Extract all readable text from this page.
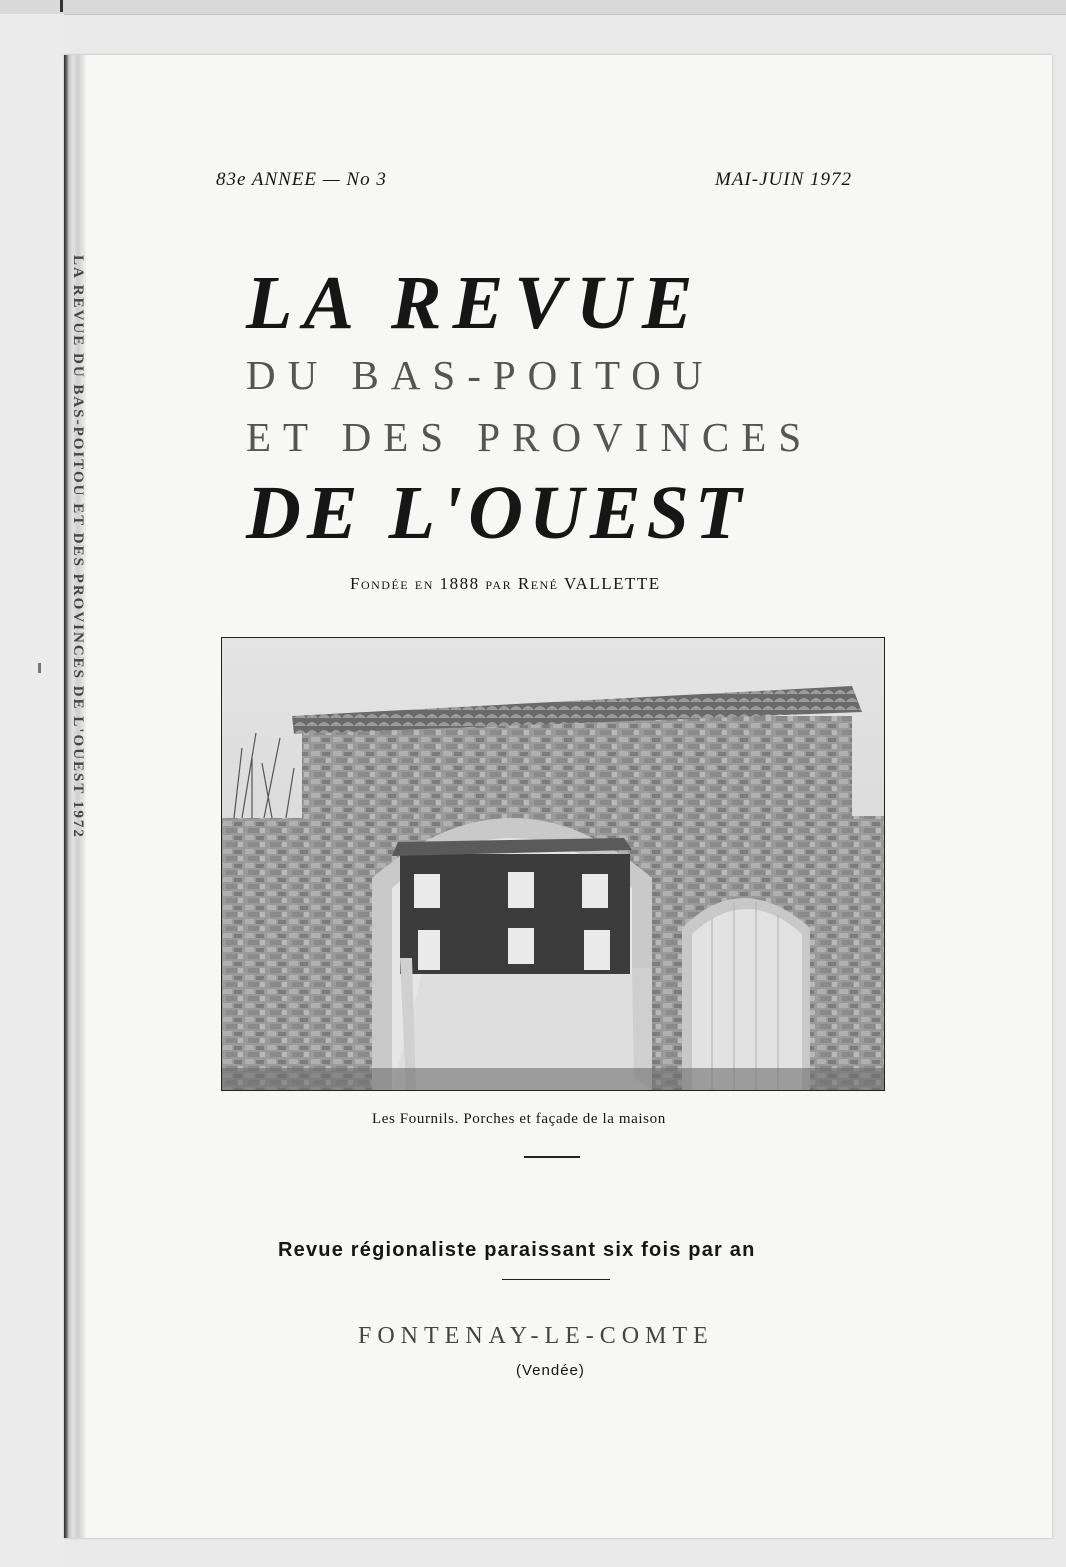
LA REVUE DU BAS-POITOU ET DES PROVINCES DE L'OUEST 1972
83e ANNEE — No 3	MAI-JUIN 1972
LA REVUE
DU BAS-POITOU
ET DES PROVINCES
DE L'OUEST
Fondée en 1888 par René VALLETTE
Les Fournils. Porches et façade de la maison
Revue régionaliste paraissant six fois par an
FONTENAY-LE-COMTE
(Vendée)
